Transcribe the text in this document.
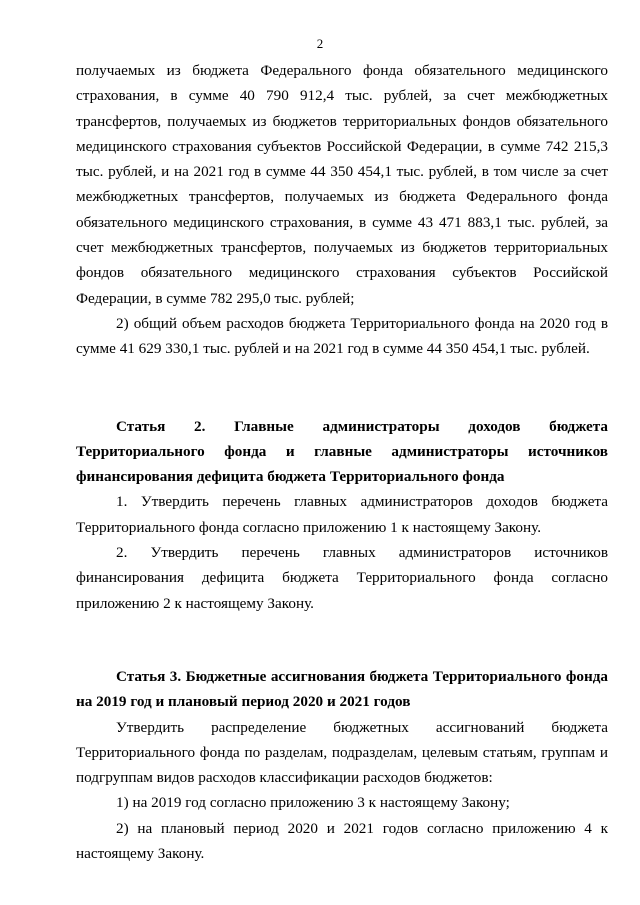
2

получаемых из бюджета Федерального фонда обязательного медицинского страхования, в сумме 40 790 912,4 тыс. рублей, за счет межбюджетных трансфертов, получаемых из бюджетов территориальных фондов обязательного медицинского страхования субъектов Российской Федерации, в сумме 742 215,3 тыс. рублей, и на 2021 год в сумме 44 350 454,1 тыс. рублей, в том числе за счет межбюджетных трансфертов, получаемых из бюджета Федерального фонда обязательного медицинского страхования, в сумме 43 471 883,1 тыс. рублей, за счет межбюджетных трансфертов, получаемых из бюджетов территориальных фондов обязательного медицинского страхования субъектов Российской Федерации, в сумме 782 295,0 тыс. рублей;

2) общий объем расходов бюджета Территориального фонда на 2020 год в сумме 41 629 330,1 тыс. рублей и на 2021 год в сумме 44 350 454,1 тыс. рублей.

Статья 2. Главные администраторы доходов бюджета Территориального фонда и главные администраторы источников финансирования дефицита бюджета Территориального фонда

1. Утвердить перечень главных администраторов доходов бюджета Территориального фонда согласно приложению 1 к настоящему Закону.

2. Утвердить перечень главных администраторов источников финансирования дефицита бюджета Территориального фонда согласно приложению 2 к настоящему Закону.

Статья 3. Бюджетные ассигнования бюджета Территориального фонда на 2019 год и плановый период 2020 и 2021 годов

Утвердить распределение бюджетных ассигнований бюджета Территориального фонда по разделам, подразделам, целевым статьям, группам и подгруппам видов расходов классификации расходов бюджетов:

1) на 2019 год согласно приложению 3 к настоящему Закону;

2) на плановый период 2020 и 2021 годов согласно приложению 4 к настоящему Закону.
